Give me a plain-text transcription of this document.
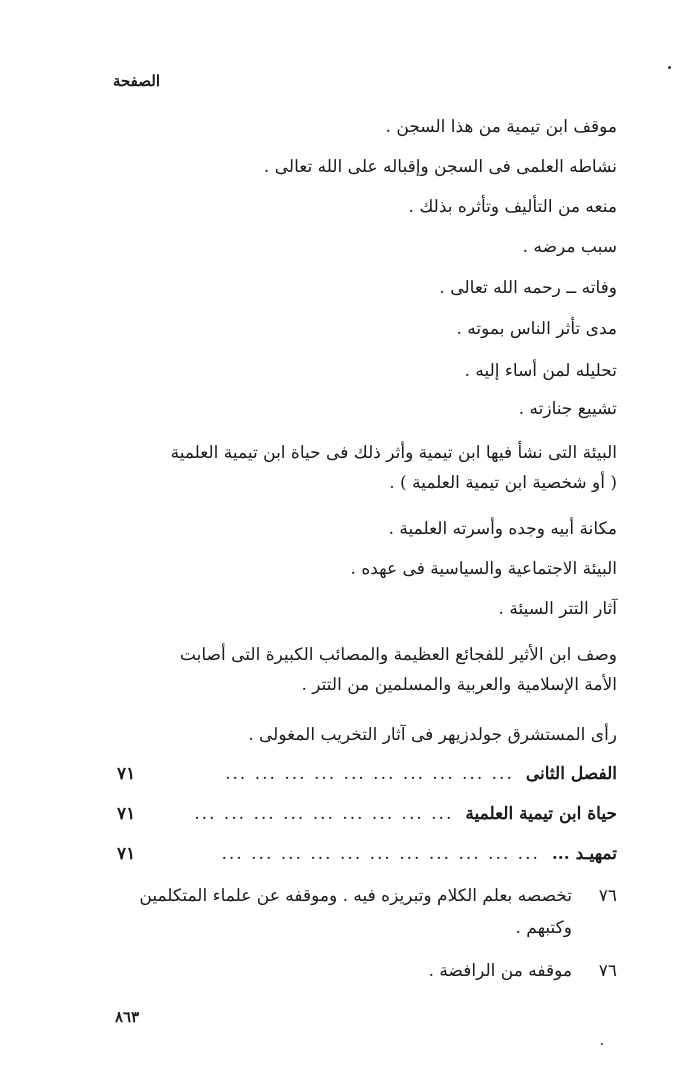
الصفحة
موقف ابن تيمية من هذا السجن .
نشاطه العلمى فى السجن وإقباله على الله تعالى .
منعه من التأليف وتأثره بذلك .
سبب مرضه .
وفاته ــ رحمه الله تعالى .
مدى تأثر الناس بموته .
تحليله لمن أساء إليه .
تشييع جنازته .
البيئة التى نشأ فيها ابن تيمية وأثر ذلك فى حياة ابن تيمية العلمية
( أو شخصية ابن تيمية العلمية ) .
مكانة أبيه وجده وأسرته العلمية .
البيئة الاجتماعية والسياسية فى عهده .
آثار التتر السيئة .
وصف ابن الأثير للفجائع العظيمة والمصائب الكبيرة التى أصابت
الأمة الإسلامية والعربية والمسلمين من التتر .
رأى المستشرق جولدزيهر فى آثار التخريب المغولى .
الفصل الثانى
... ... ... ... ... ... ... ... ... ...
٧١
حياة ابن تيمية العلمية
... ... ... ... ... ... ... ... ...
٧١
تمهيـد ...
... ... ... ... ... ... ... ... ... ... ...
٧١
٧٦
تخصصه بعلم الكلام وتبريزه فيه . وموقفه عن علماء المتكلمين
وكتبهم .
٧٦
موقفه من الرافضة .
٨٦٣
